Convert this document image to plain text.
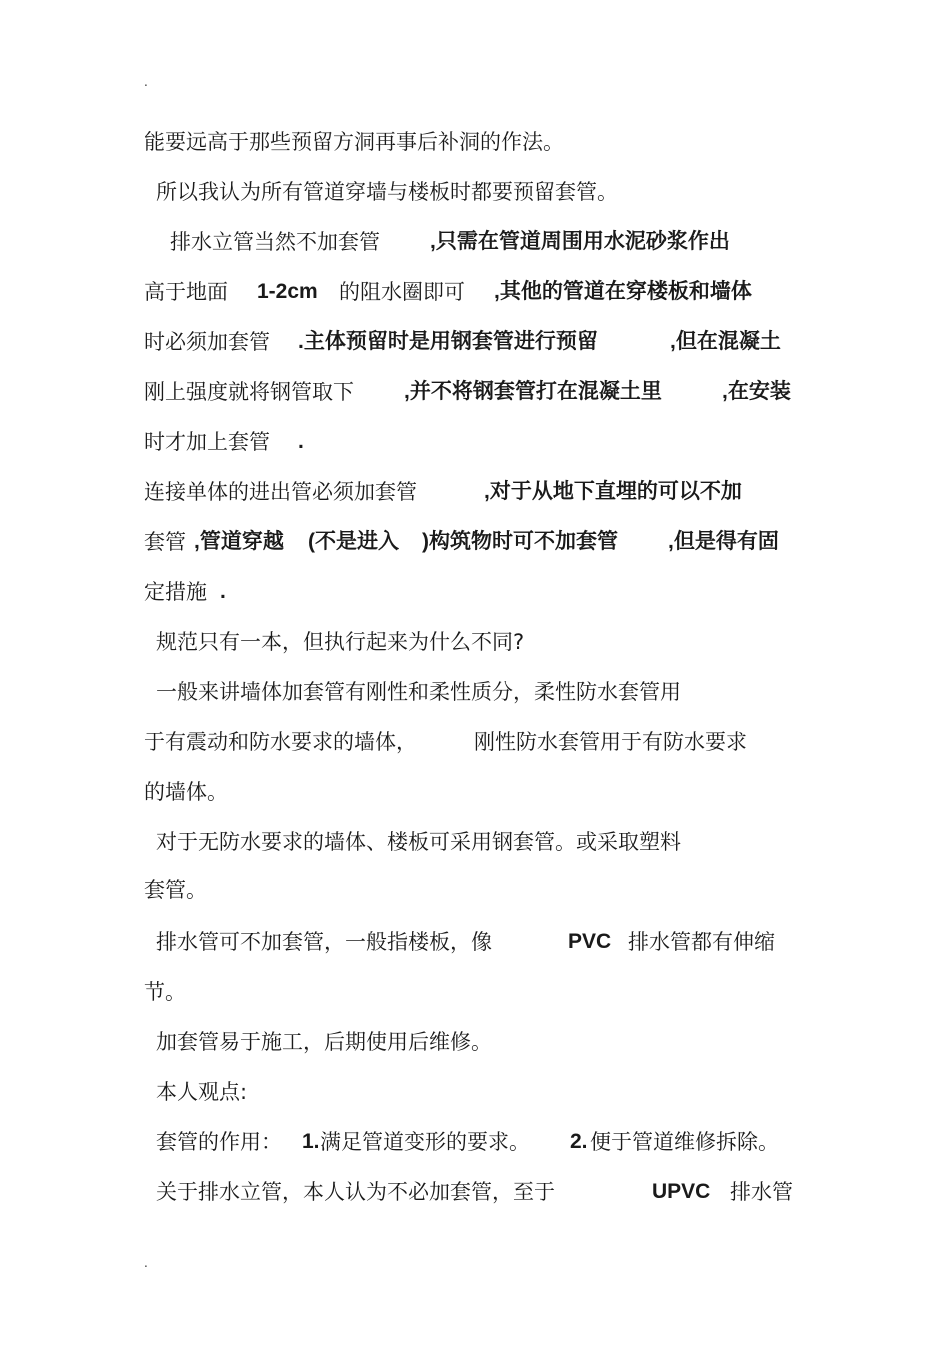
.
能要远高于那些预留方洞再事后补洞的作法。
所以我认为所有管道穿墙与楼板时都要预留套管。
排水立管当然不加套管 ,只需在管道周围用水泥砂浆作出
高于地面 1-2cm 的阻水圈即可 ,其他的管道在穿楼板和墙体
时必须加套管 .主体预留时是用钢套管进行预留	,但在混凝土
刚上强度就将钢管取下 ,并不将钢套管打在混凝土里	,在安装
时才加上套管 .
连接单体的进出管必须加套管	,对于从地下直埋的可以不加
套管 ,管道穿越 (不是进入 )构筑物时可不加套管 ,但是得有固
定措施 .
规范只有一本，但执行起来为什么不同?
一般来讲墙体加套管有刚性和柔性质分，柔性防水套管用
于有震动和防水要求的墙体，	刚性防水套管用于有防水要求
的墙体。
对于无防水要求的墙体、楼板可采用钢套管。或采取塑料
套管。
排水管可不加套管，一般指楼板，像	PVC 排水管都有伸缩
节。
加套管易于施工，后期使用后维修。
本人观点:
套管的作用： 1. 满足管道变形的要求。 2. 便于管道维修拆除。
关于排水立管，本人认为不必加套管，至于	UPVC 排水管
.
